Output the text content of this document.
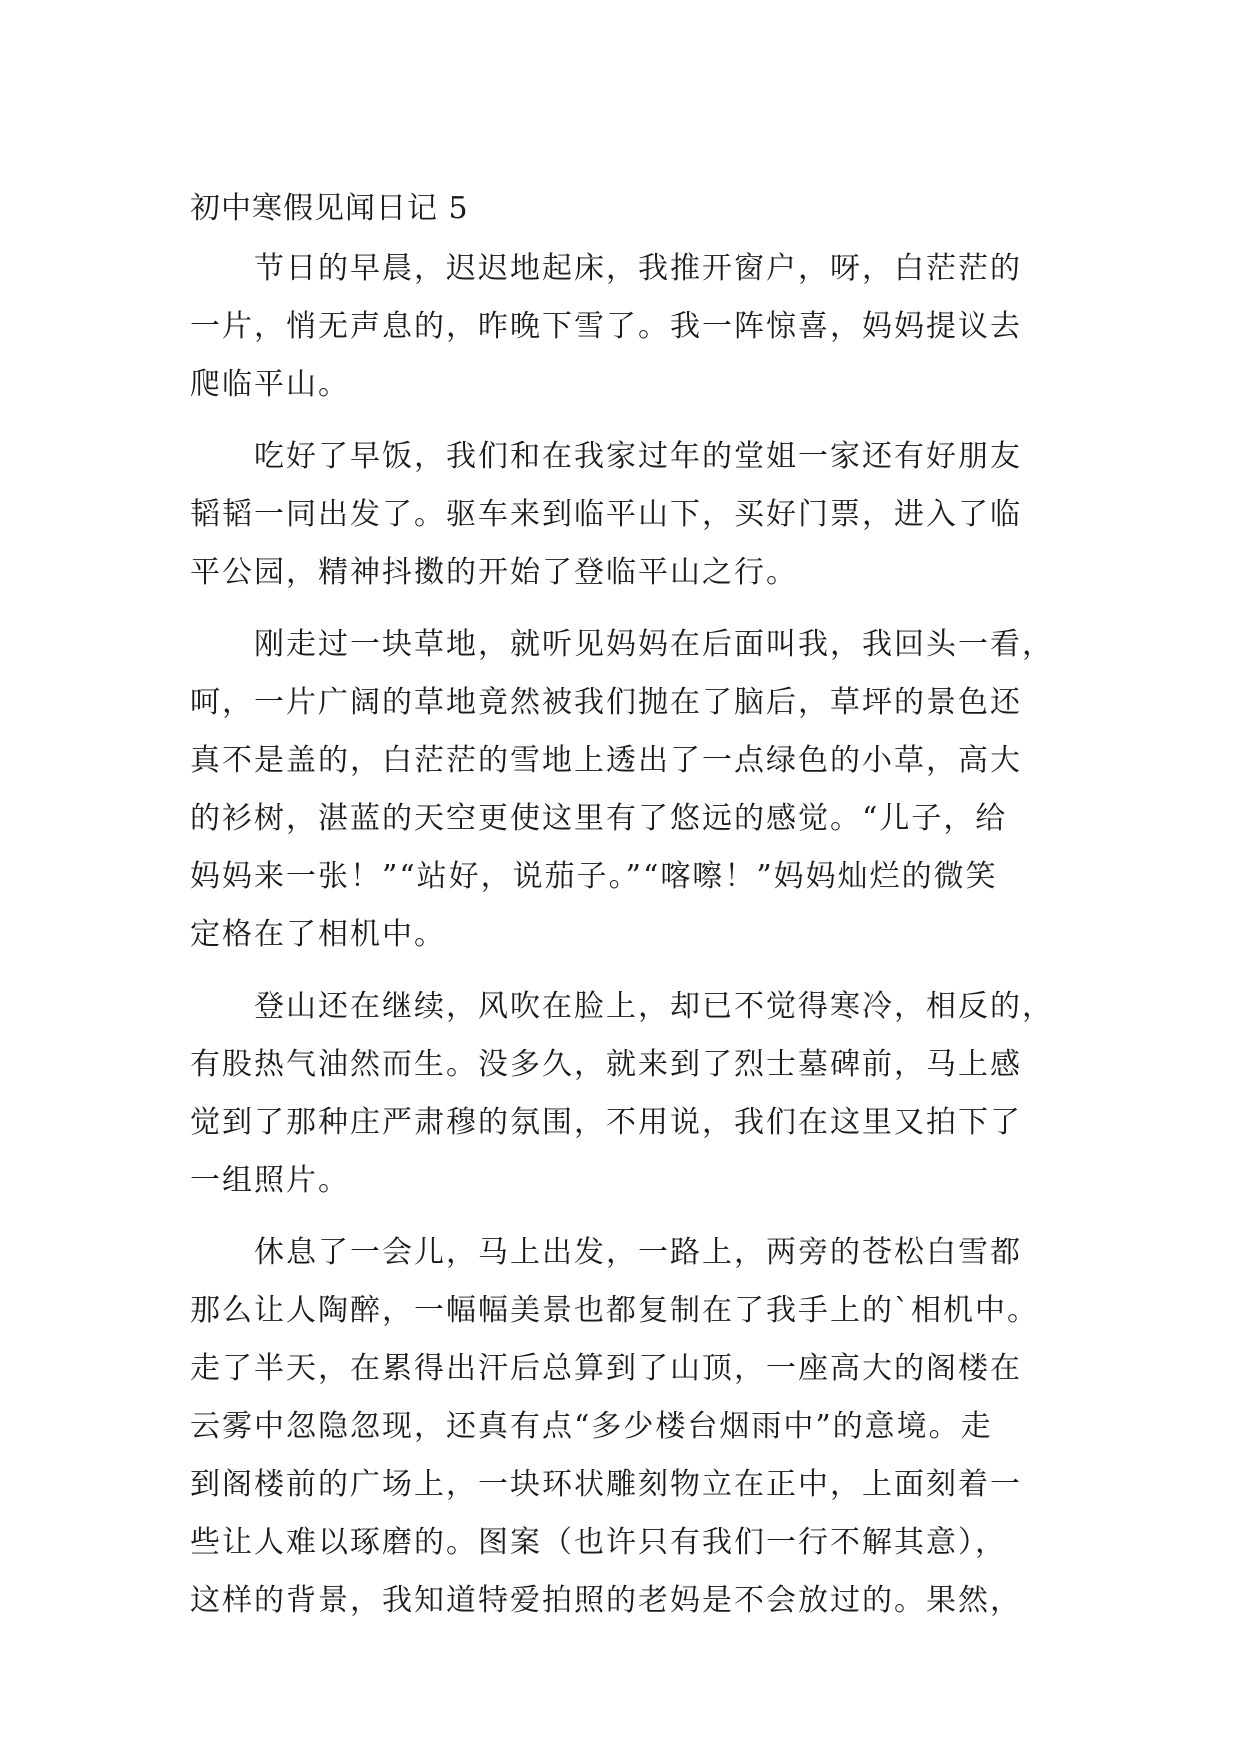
初中寒假见闻日记 5
节日的早晨，迟迟地起床，我推开窗户，呀，白茫茫的
一片，悄无声息的，昨晚下雪了。我一阵惊喜，妈妈提议去
爬临平山。
吃好了早饭，我们和在我家过年的堂姐一家还有好朋友
韬韬一同出发了。驱车来到临平山下，买好门票，进入了临
平公园，精神抖擞的开始了登临平山之行。
刚走过一块草地，就听见妈妈在后面叫我，我回头一看，
呵，一片广阔的草地竟然被我们抛在了脑后，草坪的景色还
真不是盖的，白茫茫的雪地上透出了一点绿色的小草，高大
的衫树，湛蓝的天空更使这里有了悠远的感觉。“儿子，给
妈妈来一张！”“站好，说茄子。”“喀嚓！”妈妈灿烂的微笑
定格在了相机中。
登山还在继续，风吹在脸上，却已不觉得寒冷，相反的，
有股热气油然而生。没多久，就来到了烈士墓碑前，马上感
觉到了那种庄严肃穆的氛围，不用说，我们在这里又拍下了
一组照片。
休息了一会儿，马上出发，一路上，两旁的苍松白雪都
那么让人陶醉，一幅幅美景也都复制在了我手上的`相机中。
走了半天，在累得出汗后总算到了山顶，一座高大的阁楼在
云雾中忽隐忽现，还真有点“多少楼台烟雨中”的意境。走
到阁楼前的广场上，一块环状雕刻物立在正中，上面刻着一
些让人难以琢磨的。图案（也许只有我们一行不解其意），
这样的背景，我知道特爱拍照的老妈是不会放过的。果然，
